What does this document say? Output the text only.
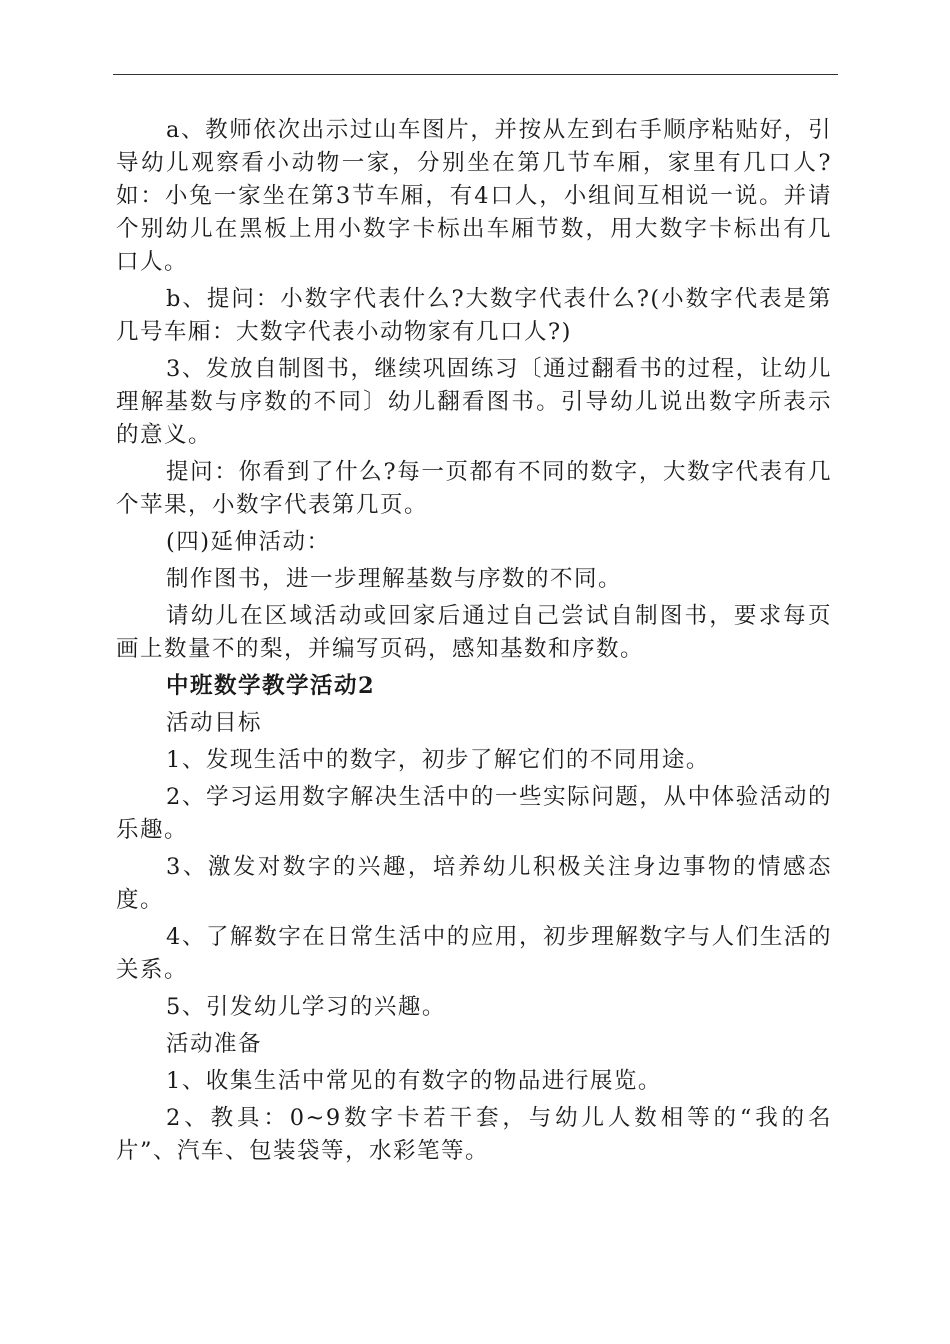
a、教师依次出示过山车图片，并按从左到右手顺序粘贴好，引导幼儿观察看小动物一家，分别坐在第几节车厢，家里有几口人?如：小兔一家坐在第3节车厢，有4口人，小组间互相说一说。并请个别幼儿在黑板上用小数字卡标出车厢节数，用大数字卡标出有几口人。

b、提问：小数字代表什么?大数字代表什么?(小数字代表是第几号车厢：大数字代表小动物家有几口人?)

3、发放自制图书，继续巩固练习〔通过翻看书的过程，让幼儿理解基数与序数的不同〕幼儿翻看图书。引导幼儿说出数字所表示的意义。

提问：你看到了什么?每一页都有不同的数字，大数字代表有几个苹果，小数字代表第几页。

(四)延伸活动：

制作图书，进一步理解基数与序数的不同。

请幼儿在区域活动或回家后通过自己尝试自制图书，要求每页画上数量不的梨，并编写页码，感知基数和序数。

中班数学教学活动2

活动目标

1、发现生活中的数字，初步了解它们的不同用途。

2、学习运用数字解决生活中的一些实际问题，从中体验活动的乐趣。

3、激发对数字的兴趣，培养幼儿积极关注身边事物的情感态度。

4、了解数字在日常生活中的应用，初步理解数字与人们生活的关系。

5、引发幼儿学习的兴趣。

活动准备

1、收集生活中常见的有数字的物品进行展览。

2、教具：0~9数字卡若干套，与幼儿人数相等的“我的名片”、汽车、包装袋等，水彩笔等。
